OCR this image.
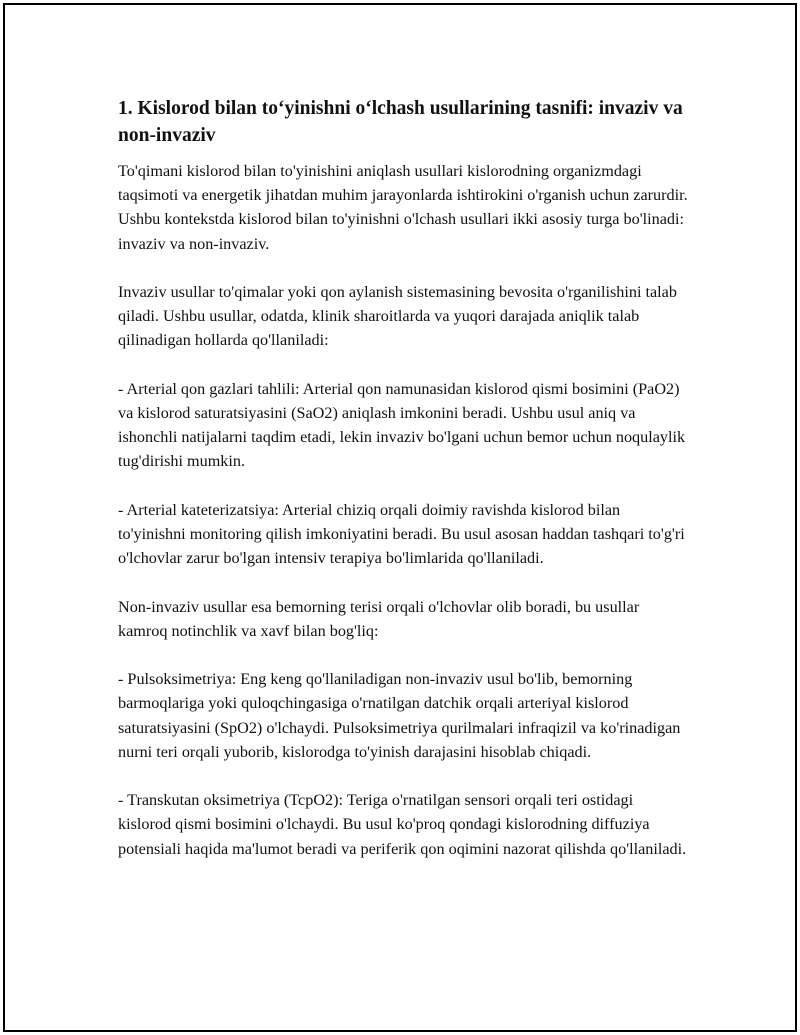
1. Kislorod bilan to‘yinishni o‘lchash usullarining tasnifi: invaziv va non-invaziv

To'qimani kislorod bilan to'yinishini aniqlash usullari kislorodning organizmdagi taqsimoti va energetik jihatdan muhim jarayonlarda ishtirokini o'rganish uchun zarurdir. Ushbu kontekstda kislorod bilan to'yinishni o'lchash usullari ikki asosiy turga bo'linadi: invaziv va non-invaziv.

Invaziv usullar to'qimalar yoki qon aylanish sistemasining bevosita o'rganilishini talab qiladi. Ushbu usullar, odatda, klinik sharoitlarda va yuqori darajada aniqlik talab qilinadigan hollarda qo'llaniladi:

- Arterial qon gazlari tahlili: Arterial qon namunasidan kislorod qismi bosimini (PaO2) va kislorod saturatsiyasini (SaO2) aniqlash imkonini beradi. Ushbu usul aniq va ishonchli natijalarni taqdim etadi, lekin invaziv bo'lgani uchun bemor uchun noqulaylik tug'dirishi mumkin.

- Arterial kateterizatsiya: Arterial chiziq orqali doimiy ravishda kislorod bilan to'yinishni monitoring qilish imkoniyatini beradi. Bu usul asosan haddan tashqari to'g'ri o'lchovlar zarur bo'lgan intensiv terapiya bo'limlarida qo'llaniladi.

Non-invaziv usullar esa bemorning terisi orqali o'lchovlar olib boradi, bu usullar kamroq notinchlik va xavf bilan bog'liq:

- Pulsoksimetriya: Eng keng qo'llaniladigan non-invaziv usul bo'lib, bemorning barmoqlariga yoki quloqchingasiga o'rnatilgan datchik orqali arteriyal kislorod saturatsiyasini (SpO2) o'lchaydi. Pulsoksimetriya qurilmalari infraqizil va ko'rinadigan nurni teri orqali yuborib, kislorodga to'yinish darajasini hisoblab chiqadi.

- Transkutan oksimetriya (TcpO2): Teriga o'rnatilgan sensori orqali teri ostidagi kislorod qismi bosimini o'lchaydi. Bu usul ko'proq qondagi kislorodning diffuziya potensiali haqida ma'lumot beradi va periferik qon oqimini nazorat qilishda qo'llaniladi.
